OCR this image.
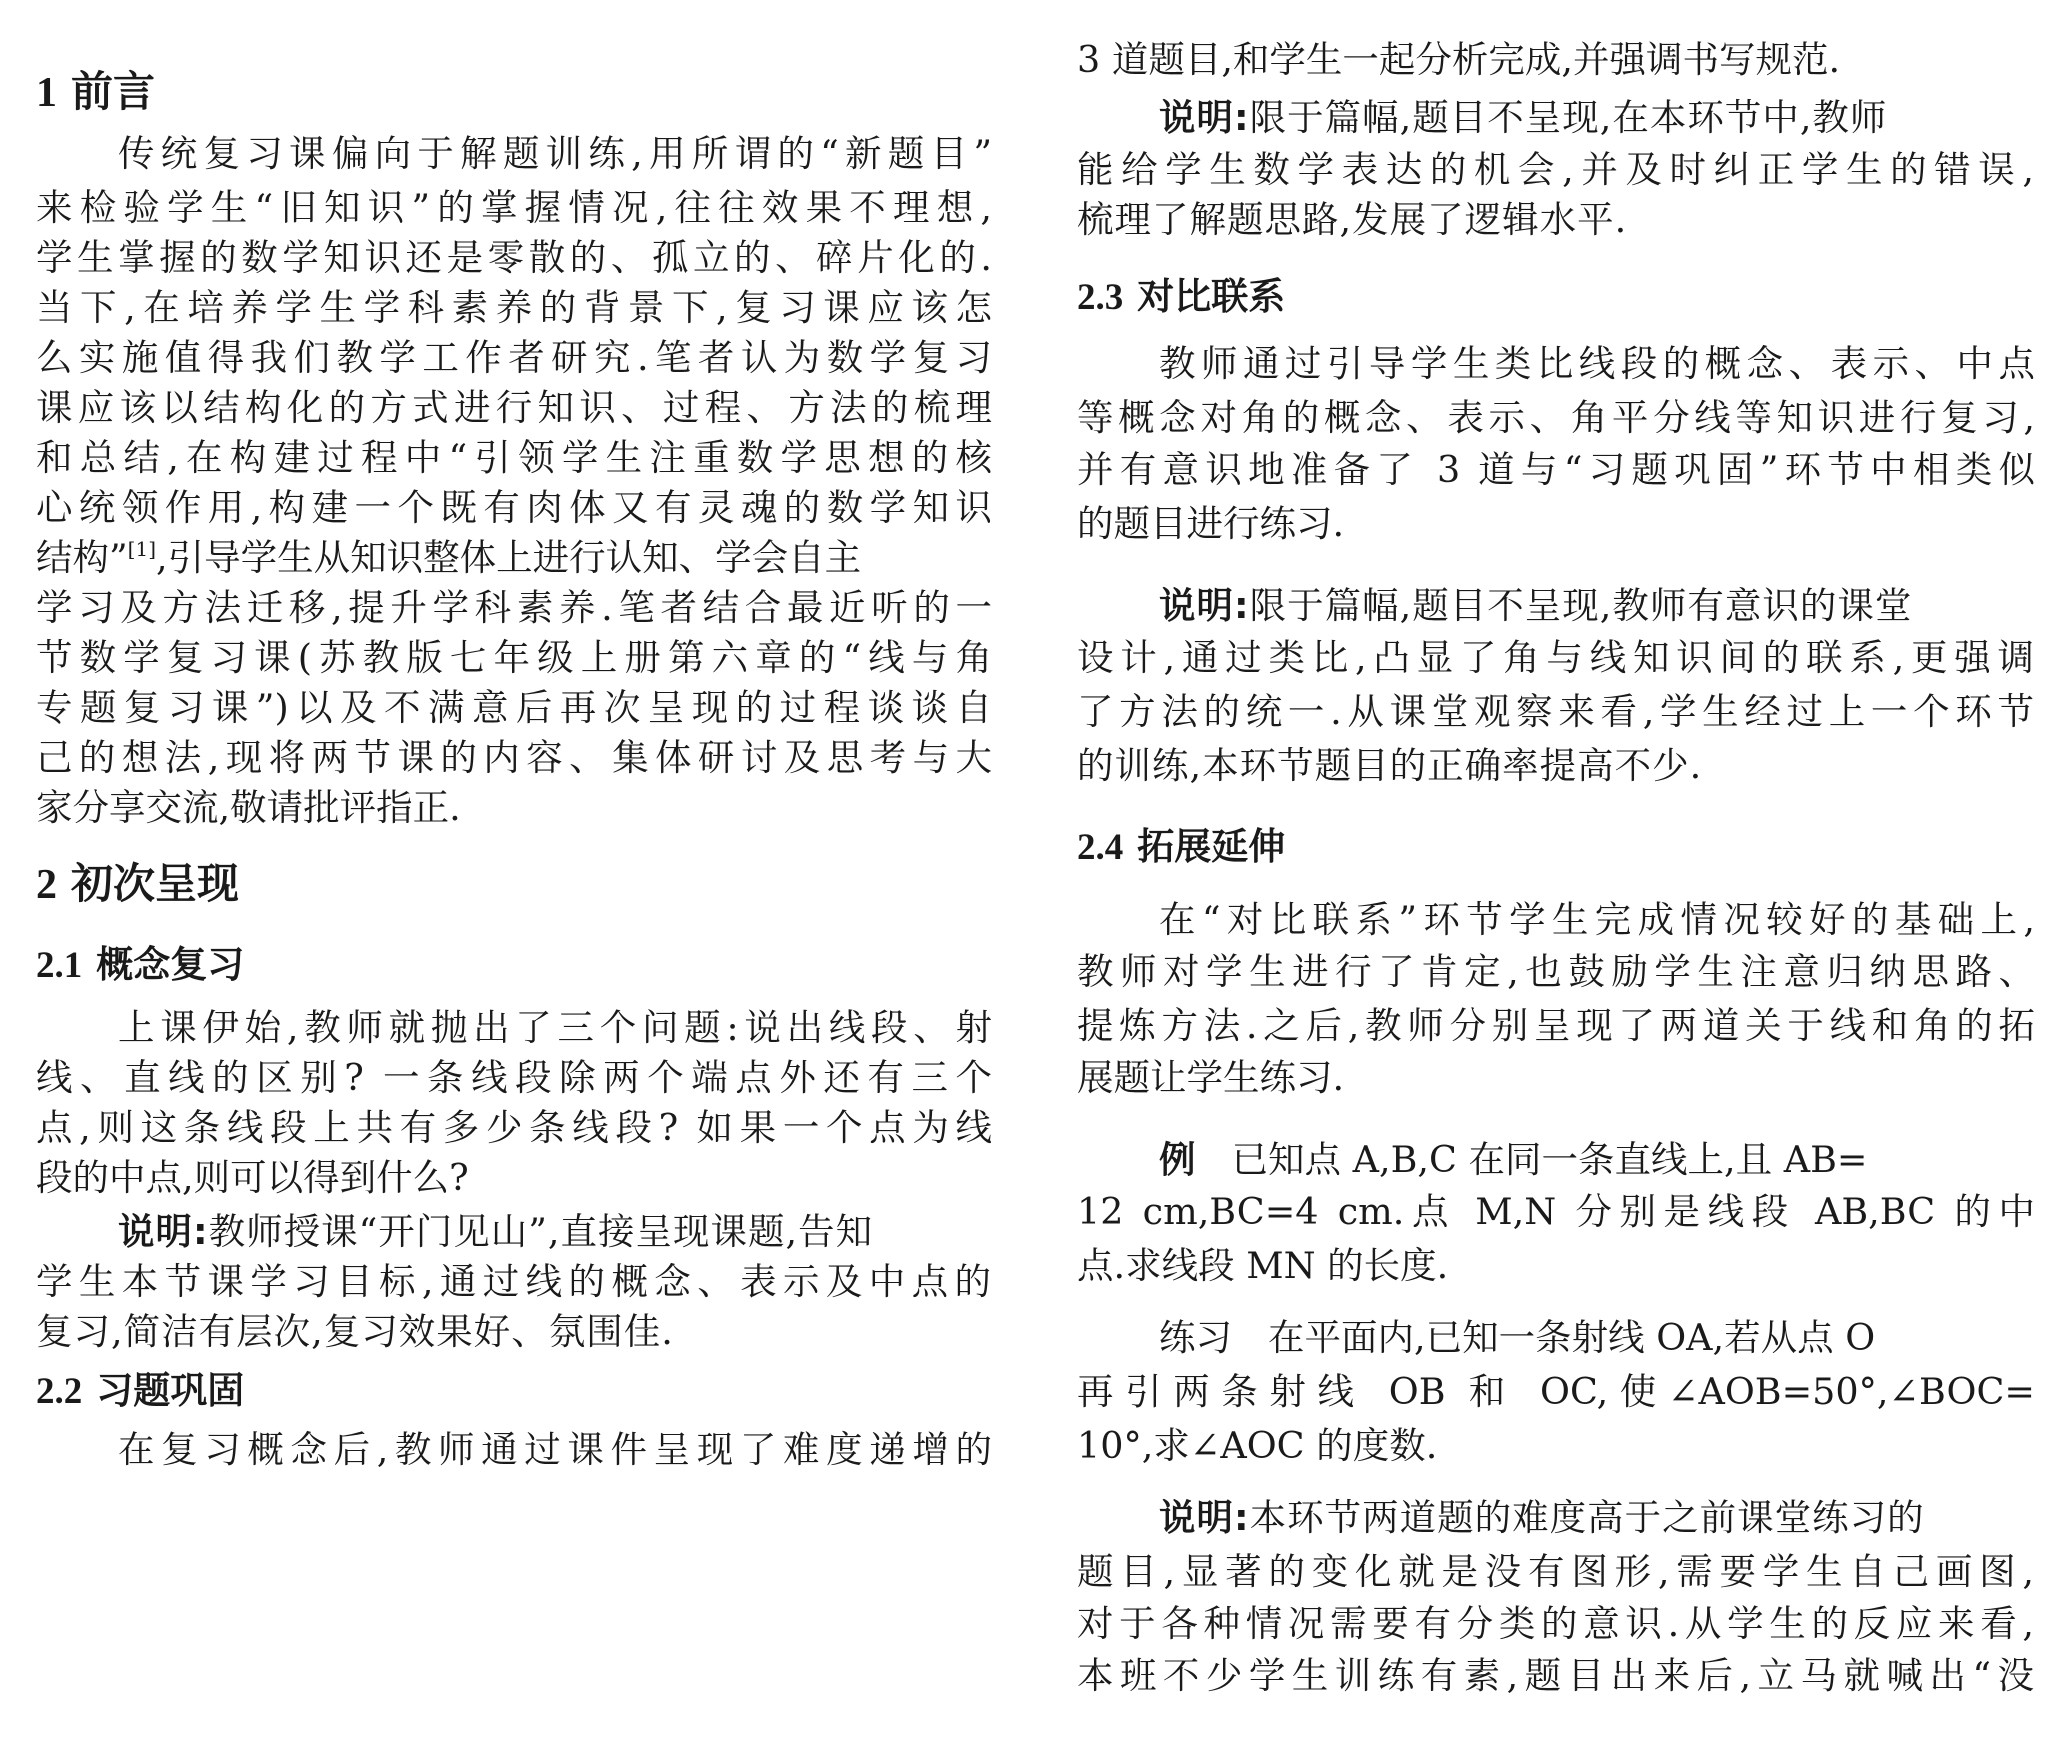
1 前言
传统复习课偏向于解题训练,用所谓的“新题目”
来检验学生“旧知识”的掌握情况,往往效果不理想,
学生掌握的数学知识还是零散的、孤立的、碎片化的.
当下,在培养学生学科素养的背景下,复习课应该怎
么实施值得我们教学工作者研究.笔者认为数学复习
课应该以结构化的方式进行知识、过程、方法的梳理
和总结,在构建过程中“引领学生注重数学思想的核
心统领作用,构建一个既有肉体又有灵魂的数学知识
结构”[1],引导学生从知识整体上进行认知、学会自主
学习及方法迁移,提升学科素养.笔者结合最近听的一
节数学复习课(苏教版七年级上册第六章的“线与角
专题复习课”)以及不满意后再次呈现的过程谈谈自
己的想法,现将两节课的内容、集体研讨及思考与大
家分享交流,敬请批评指正.
2 初次呈现
2.1 概念复习
上课伊始,教师就抛出了三个问题:说出线段、射
线、直线的区别? 一条线段除两个端点外还有三个
点,则这条线段上共有多少条线段? 如果一个点为线
段的中点,则可以得到什么?
说明:教师授课“开门见山”,直接呈现课题,告知
学生本节课学习目标,通过线的概念、表示及中点的
复习,简洁有层次,复习效果好、氛围佳.
2.2 习题巩固
在复习概念后,教师通过课件呈现了难度递增的
3 道题目,和学生一起分析完成,并强调书写规范.
说明:限于篇幅,题目不呈现,在本环节中,教师
能给学生数学表达的机会,并及时纠正学生的错误,
梳理了解题思路,发展了逻辑水平.
2.3 对比联系
教师通过引导学生类比线段的概念、表示、中点
等概念对角的概念、表示、角平分线等知识进行复习,
并有意识地准备了 3 道与“习题巩固”环节中相类似
的题目进行练习.
说明:限于篇幅,题目不呈现,教师有意识的课堂
设计,通过类比,凸显了角与线知识间的联系,更强调
了方法的统一.从课堂观察来看,学生经过上一个环节
的训练,本环节题目的正确率提高不少.
2.4 拓展延伸
在“对比联系”环节学生完成情况较好的基础上,
教师对学生进行了肯定,也鼓励学生注意归纳思路、
提炼方法.之后,教师分别呈现了两道关于线和角的拓
展题让学生练习.
例 已知点 A,B,C 在同一条直线上,且 AB=
12 cm,BC=4 cm.点 M,N 分别是线段 AB,BC 的中
点.求线段 MN 的长度.
练习 在平面内,已知一条射线 OA,若从点 O
再引两条射线 OB 和 OC,使∠AOB=50°,∠BOC=
10°,求∠AOC 的度数.
说明:本环节两道题的难度高于之前课堂练习的
题目,显著的变化就是没有图形,需要学生自己画图,
对于各种情况需要有分类的意识.从学生的反应来看,
本班不少学生训练有素,题目出来后,立马就喊出“没
